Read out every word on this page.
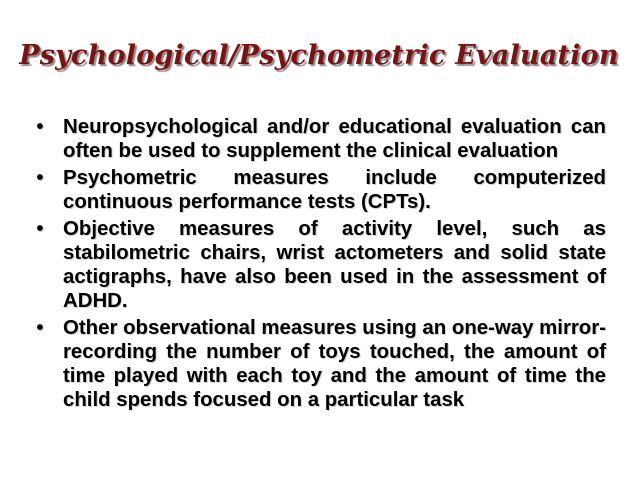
Psychological/Psychometric Evaluation
• Neuropsychological and/or educational evaluation can often be used to supplement the clinical evaluation
• Psychometric measures include computerized continuous performance tests (CPTs).
• Objective measures of activity level, such as stabilometric chairs, wrist actometers and solid state actigraphs, have also been used in the assessment of ADHD.
• Other observational measures using an one-way mirror- recording the number of toys touched, the amount of time played with each toy and the amount of time the child spends focused on a particular task
